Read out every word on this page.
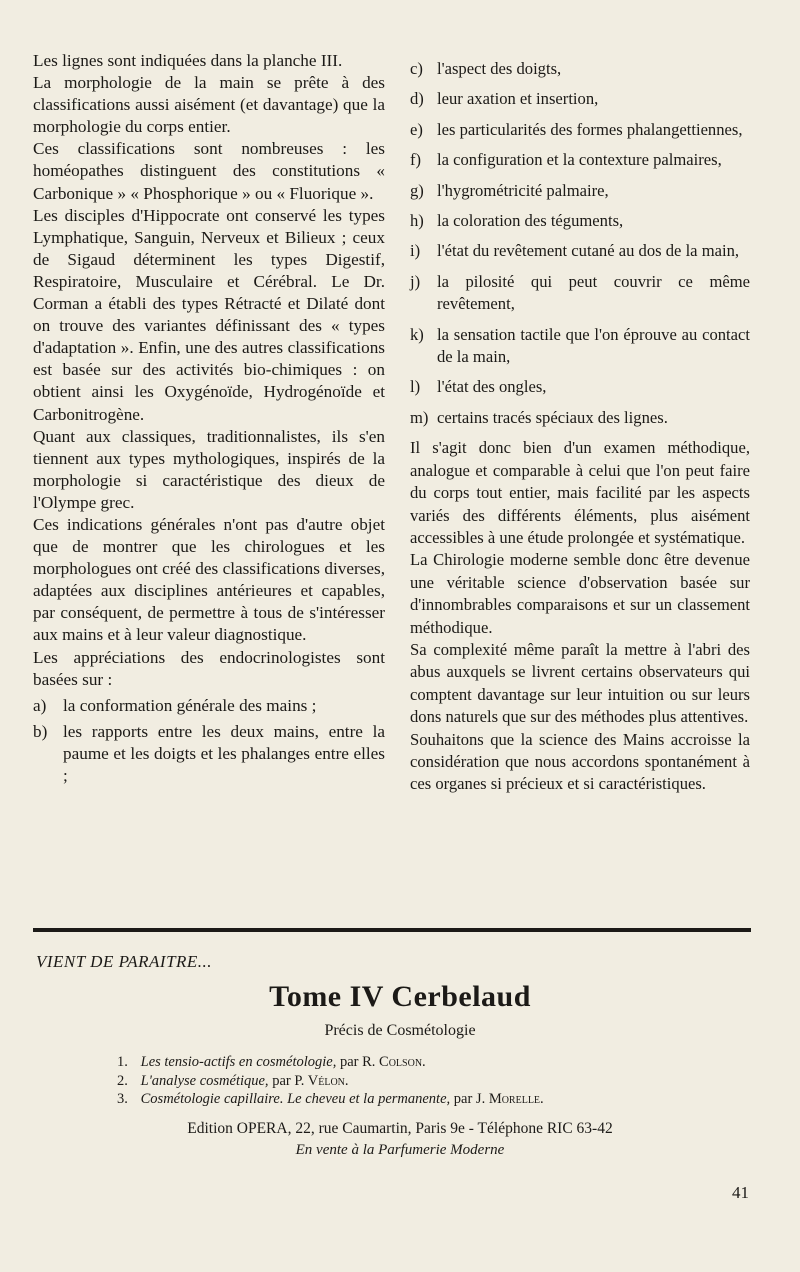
Les lignes sont indiquées dans la planche III.

La morphologie de la main se prête à des classifications aussi aisément (et davantage) que la morphologie du corps entier.

Ces classifications sont nombreuses : les homéopathes distinguent des constitutions « Carbonique » « Phosphorique » ou « Fluorique ».

Les disciples d'Hippocrate ont conservé les types Lymphatique, Sanguin, Nerveux et Bilieux ; ceux de Sigaud déterminent les types Digestif, Respiratoire, Musculaire et Cérébral. Le Dr. Corman a établi des types Rétracté et Dilaté dont on trouve des variantes définissant des « types d'adaptation ». Enfin, une des autres classifications est basée sur des activités bio-chimiques : on obtient ainsi les Oxygénoïde, Hydrogénoïde et Carbonitrogène.

Quant aux classiques, traditionnalistes, ils s'en tiennent aux types mythologiques, inspirés de la morphologie si caractéristique des dieux de l'Olympe grec.

Ces indications générales n'ont pas d'autre objet que de montrer que les chirologues et les morphologues ont créé des classifications diverses, adaptées aux disciplines antérieures et capables, par conséquent, de permettre à tous de s'intéresser aux mains et à leur valeur diagnostique.

Les appréciations des endocrinologistes sont basées sur :

a) la conformation générale des mains ;
b) les rapports entre les deux mains, entre la paume et les doigts et les phalanges entre elles ;
c) l'aspect des doigts,
d) leur axation et insertion,
e) les particularités des formes phalangettiennes,
f) la configuration et la contexture palmaires,
g) l'hygrométricité palmaire,
h) la coloration des téguments,
i) l'état du revêtement cutané au dos de la main,
j) la pilosité qui peut couvrir ce même revêtement,
k) la sensation tactile que l'on éprouve au contact de la main,
l) l'état des ongles,
m) certains tracés spéciaux des lignes.

Il s'agit donc bien d'un examen méthodique, analogue et comparable à celui que l'on peut faire du corps tout entier, mais facilité par les aspects variés des différents éléments, plus aisément accessibles à une étude prolongée et systématique.

La Chirologie moderne semble donc être devenue une véritable science d'observation basée sur d'innombrables comparaisons et sur un classement méthodique.

Sa complexité même paraît la mettre à l'abri des abus auxquels se livrent certains observateurs qui comptent davantage sur leur intuition ou sur leurs dons naturels que sur des méthodes plus attentives.

Souhaitons que la science des Mains accroisse la considération que nous accordons spontanément à ces organes si précieux et si caractéristiques.

VIENT DE PARAITRE...
Tome IV Cerbelaud
Précis de Cosmétologie
1. Les tensio-actifs en cosmétologie, par R. Colson.
2. L'analyse cosmétique, par P. Vélon.
3. Cosmétologie capillaire. Le cheveu et la permanente, par J. Morelle.
Edition OPERA, 22, rue Caumartin, Paris 9e - Téléphone RIC 63-42
En vente à la Parfumerie Moderne
41
